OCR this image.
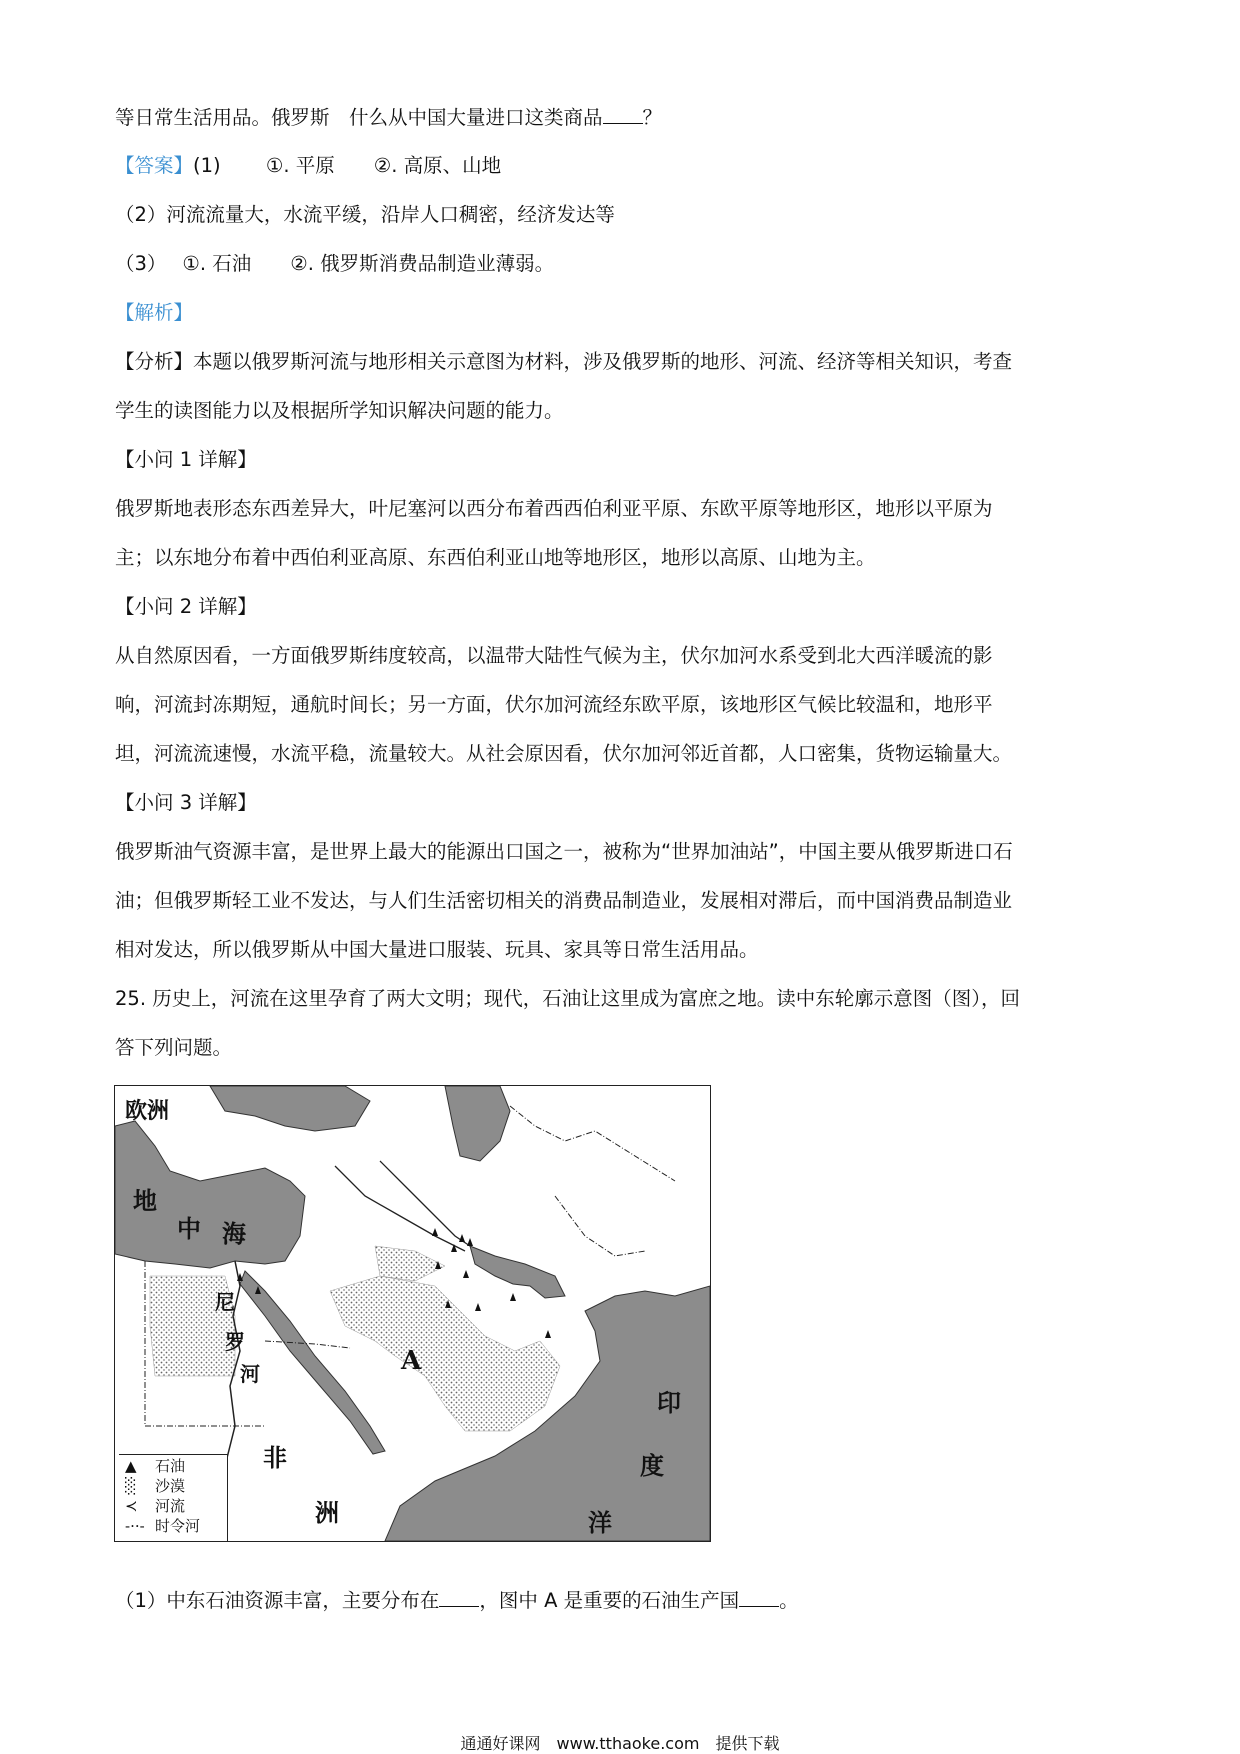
等日常生活用品。俄罗斯　什么从中国大量进口这类商品 ？
【答案】(1)　　 ①. 平原　　②. 高原、山地
（2）河流流量大，水流平缓，沿岸人口稠密，经济发达等
（3）　 ①. 石油　　②. 俄罗斯消费品制造业薄弱。
【解析】
【分析】本题以俄罗斯河流与地形相关示意图为材料，涉及俄罗斯的地形、河流、经济等相关知识，考查
学生的读图能力以及根据所学知识解决问题的能力。
【小问 1 详解】
俄罗斯地表形态东西差异大，叶尼塞河以西分布着西西伯利亚平原、东欧平原等地形区，地形以平原为
主；以东地分布着中西伯利亚高原、东西伯利亚山地等地形区，地形以高原、山地为主。
【小问 2 详解】
从自然原因看，一方面俄罗斯纬度较高，以温带大陆性气候为主，伏尔加河水系受到北大西洋暖流的影
响，河流封冻期短，通航时间长；另一方面，伏尔加河流经东欧平原，该地形区气候比较温和，地形平
坦，河流流速慢，水流平稳，流量较大。从社会原因看，伏尔加河邻近首都，人口密集，货物运输量大。
【小问 3 详解】
俄罗斯油气资源丰富，是世界上最大的能源出口国之一，被称为“世界加油站”，中国主要从俄罗斯进口石
油；但俄罗斯轻工业不发达，与人们生活密切相关的消费品制造业，发展相对滞后，而中国消费品制造业
相对发达，所以俄罗斯从中国大量进口服装、玩具、家具等日常生活用品。
25. 历史上，河流在这里孕育了两大文明；现代，石油让这里成为富庶之地。读中东轮廓示意图（图），回
答下列问题。
欧洲
地
中 海
尼
罗
河	A
非
洲
印
度
洋
▲ 石油
░ 沙漠
≺ 河流
-··- 时令河
（1）中东石油资源丰富，主要分布在 ，图中 A 是重要的石油生产国 。
通通好课网　www.tthaoke.com　提供下载
